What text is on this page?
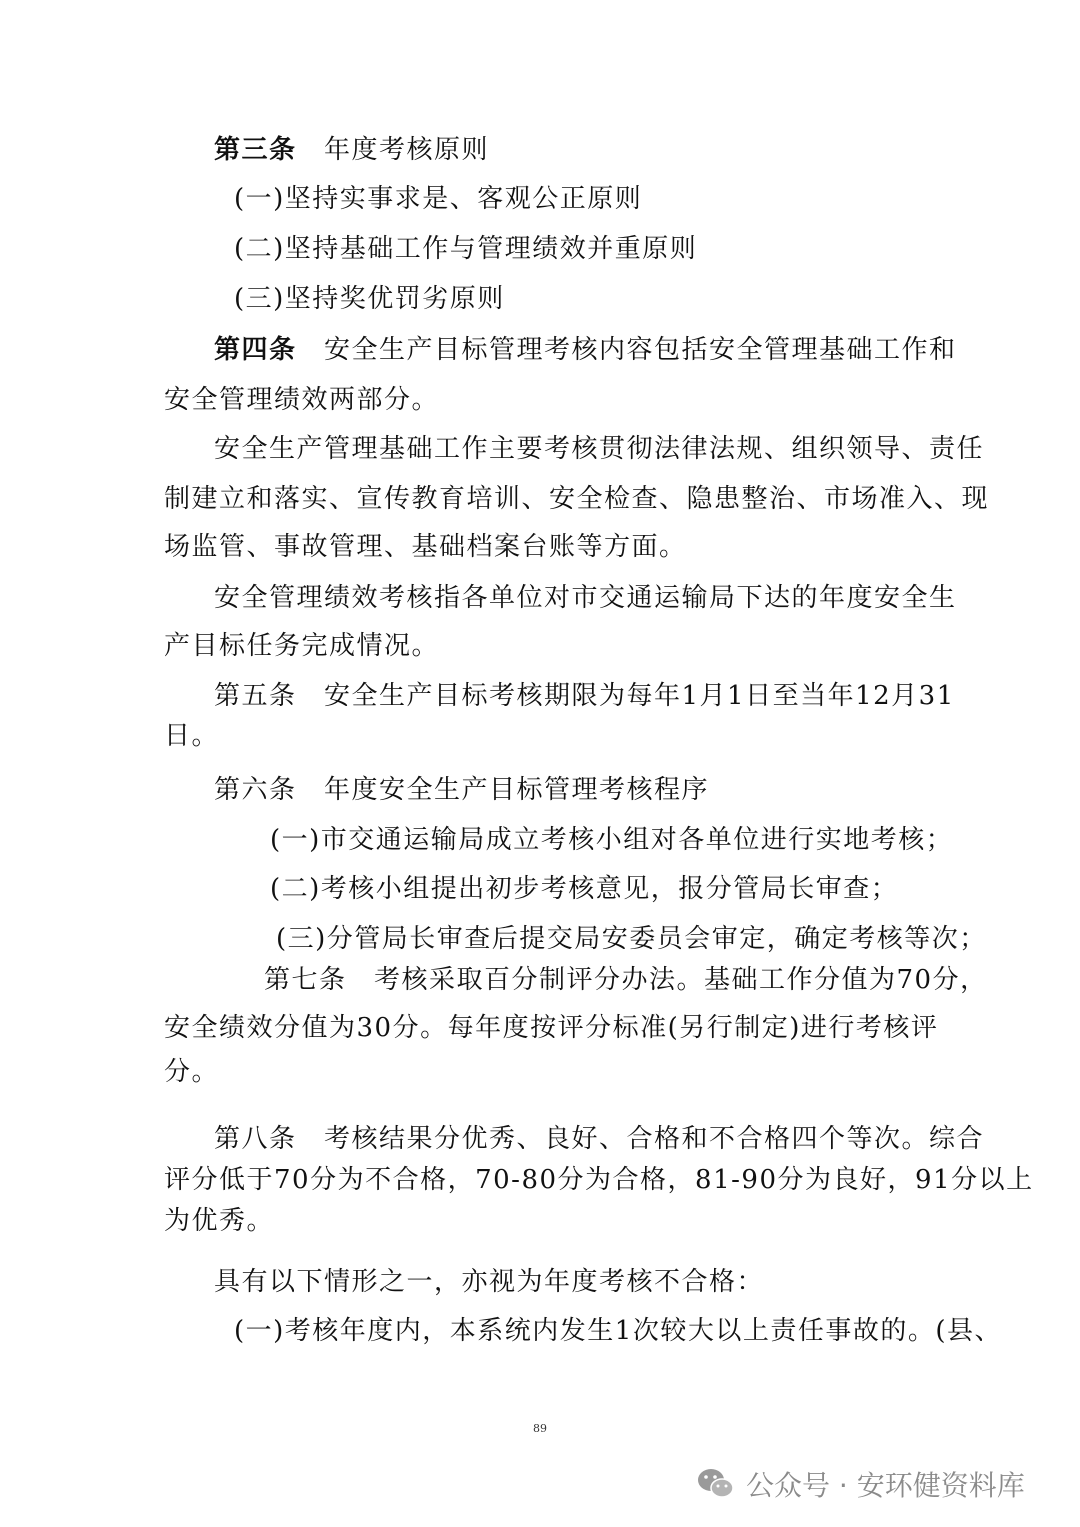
第三条　 年度考核原则
(一)坚持实事求是、客观公正原则
(二)坚持基础工作与管理绩效并重原则
(三)坚持奖优罚劣原则
第四条　 安全生产目标管理考核内容包括安全管理基础工作和
安全管理绩效两部分。
安全生产管理基础工作主要考核贯彻法律法规、组织领导、责任
制建立和落实、宣传教育培训、安全检查、隐患整治、市场准入、现
场监管、事故管理、基础档案台账等方面。
安全管理绩效考核指各单位对市交通运输局下达的年度安全生
产目标任务完成情况。
第五条　安全生产目标考核期限为每年1月1日至当年12月31
日。
第六条　年度安全生产目标管理考核程序
(一)市交通运输局成立考核小组对各单位进行实地考核；
(二)考核小组提出初步考核意见，报分管局长审查；
(三)分管局长审查后提交局安委员会审定，确定考核等次；
第七条　考核采取百分制评分办法。基础工作分值为70分，
安全绩效分值为30分。每年度按评分标准(另行制定)进行考核评
分。
第八条　考核结果分优秀、良好、合格和不合格四个等次。综合
评分低于70分为不合格，70-80分为合格，81-90分为良好，91分以上
为优秀。
具有以下情形之一，亦视为年度考核不合格：
(一)考核年度内，本系统内发生1次较大以上责任事故的。(县、
89
公众号 · 安环健资料库
